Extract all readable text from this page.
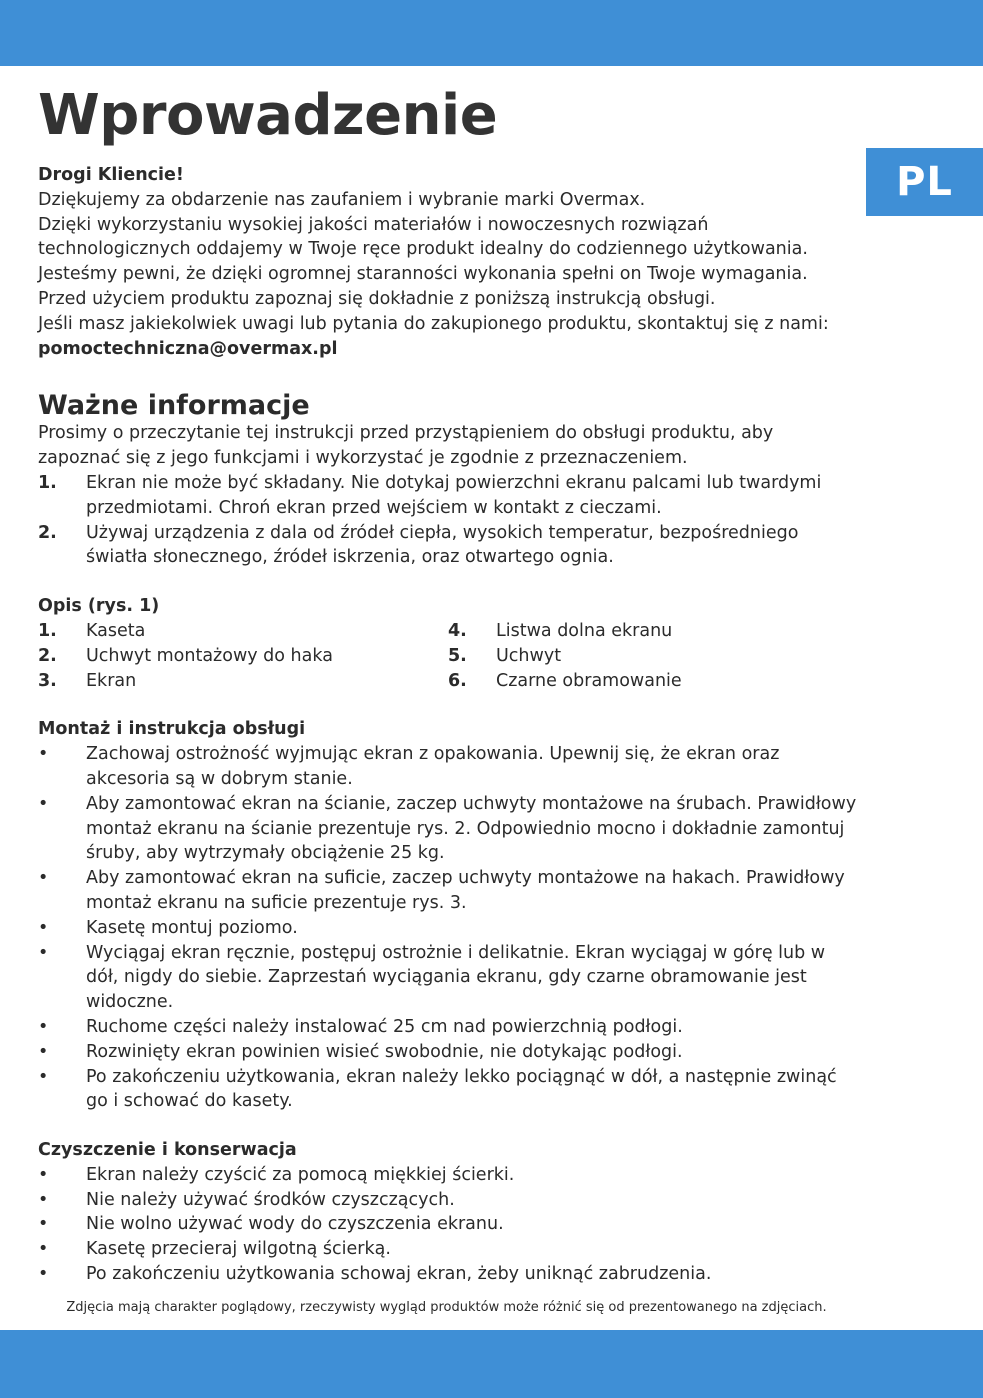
PL
Wprowadzenie

Drogi Kliencie!

Dziękujemy za obdarzenie nas zaufaniem i wybranie marki Overmax.

Dzięki wykorzystaniu wysokiej jakości materiałów i nowoczesnych rozwiązań technologicznych oddajemy w Twoje ręce produkt idealny do codziennego użytkowania. Jesteśmy pewni, że dzięki ogromnej staranności wykonania spełni on Twoje wymagania. Przed użyciem produktu zapoznaj się dokładnie z poniższą instrukcją obsługi.

Jeśli masz jakiekolwiek uwagi lub pytania do zakupionego produktu, skontaktuj się z nami:

pomoctechniczna@overmax.pl

Ważne informacje

Prosimy o przeczytanie tej instrukcji przed przystąpieniem do obsługi produktu, aby zapoznać się z jego funkcjami i wykorzystać je zgodnie z przeznaczeniem.

1.	Ekran nie może być składany. Nie dotykaj powierzchni ekranu palcami lub twardymi przedmiotami. Chroń ekran przed wejściem w kontakt z cieczami.
2.	Używaj urządzenia z dala od źródeł ciepła, wysokich temperatur, bezpośredniego światła słonecznego, źródeł iskrzenia, oraz otwartego ognia.

Opis (rys. 1)

1.	Kaseta
2.	Uchwyt montażowy do haka
3.	Ekran
4.	Listwa dolna ekranu
5.	Uchwyt
6.	Czarne obramowanie

Montaż i instrukcja obsługi

•	Zachowaj ostrożność wyjmując ekran z opakowania. Upewnij się, że ekran oraz akcesoria są w dobrym stanie.
•	Aby zamontować ekran na ścianie, zaczep uchwyty montażowe na śrubach. Prawidłowy montaż ekranu na ścianie prezentuje rys. 2. Odpowiednio mocno i dokładnie zamontuj śruby, aby wytrzymały obciążenie 25 kg.
•	Aby zamontować ekran na suficie, zaczep uchwyty montażowe na hakach. Prawidłowy montaż ekranu na suficie prezentuje rys. 3.
•	Kasetę montuj poziomo.
•	Wyciągaj ekran ręcznie, postępuj ostrożnie i delikatnie. Ekran wyciągaj w górę lub w dół, nigdy do siebie. Zaprzestań wyciągania ekranu, gdy czarne obramowanie jest widoczne.
•	Ruchome części należy instalować 25 cm nad powierzchnią podłogi.
•	Rozwinięty ekran powinien wisieć swobodnie, nie dotykając podłogi.
•	Po zakończeniu użytkowania, ekran należy lekko pociągnąć w dół, a następnie zwinąć go i schować do kasety.

Czyszczenie i konserwacja

•	Ekran należy czyścić za pomocą miękkiej ścierki.
•	Nie należy używać środków czyszczących.
•	Nie wolno używać wody do czyszczenia ekranu.
•	Kasetę przecieraj wilgotną ścierką.
•	Po zakończeniu użytkowania schowaj ekran, żeby uniknąć zabrudzenia.
Zdjęcia mają charakter poglądowy, rzeczywisty wygląd produktów może różnić się od prezentowanego na zdjęciach.
